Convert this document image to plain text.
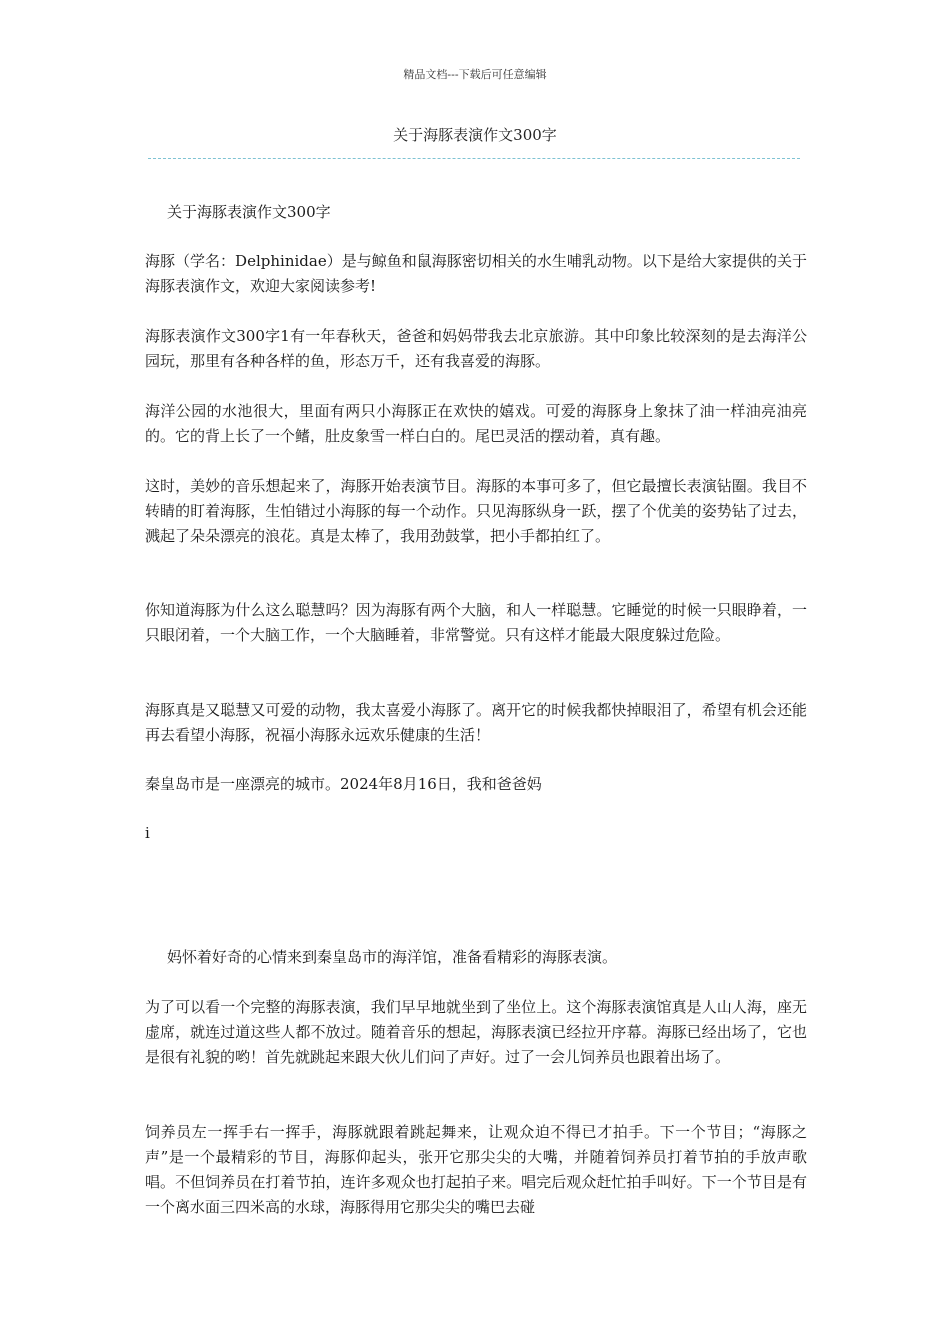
精品文档---下载后可任意编辑
关于海豚表演作文300字

关于海豚表演作文300字

海豚（学名：Delphinidae）是与鲸鱼和鼠海豚密切相关的水生哺乳动物。以下是给大家提供的关于海豚表演作文，欢迎大家阅读参考!

海豚表演作文300字1有一年春秋天，爸爸和妈妈带我去北京旅游。其中印象比较深刻的是去海洋公园玩，那里有各种各样的鱼，形态万千，还有我喜爱的海豚。

海洋公园的水池很大，里面有两只小海豚正在欢快的嬉戏。可爱的海豚身上象抹了油一样油亮油亮的。它的背上长了一个鳍，肚皮象雪一样白白的。尾巴灵活的摆动着，真有趣。

这时，美妙的音乐想起来了，海豚开始表演节目。海豚的本事可多了，但它最擅长表演钻圈。我目不转睛的盯着海豚，生怕错过小海豚的每一个动作。只见海豚纵身一跃，摆了个优美的姿势钻了过去，溅起了朵朵漂亮的浪花。真是太棒了，我用劲鼓掌，把小手都拍红了。

你知道海豚为什么这么聪慧吗？因为海豚有两个大脑，和人一样聪慧。它睡觉的时候一只眼睁着，一只眼闭着，一个大脑工作，一个大脑睡着，非常警觉。只有这样才能最大限度躲过危险。

海豚真是又聪慧又可爱的动物，我太喜爱小海豚了。离开它的时候我都快掉眼泪了，希望有机会还能再去看望小海豚，祝福小海豚永远欢乐健康的生活！

秦皇岛市是一座漂亮的城市。2024年8月16日，我和爸爸妈

i

妈怀着好奇的心情来到秦皇岛市的海洋馆，准备看精彩的海豚表演。

为了可以看一个完整的海豚表演，我们早早地就坐到了坐位上。这个海豚表演馆真是人山人海，座无虚席，就连过道这些人都不放过。随着音乐的想起，海豚表演已经拉开序幕。海豚已经出场了，它也是很有礼貌的哟！首先就跳起来跟大伙儿们问了声好。过了一会儿饲养员也跟着出场了。

饲养员左一挥手右一挥手，海豚就跟着跳起舞来，让观众迫不得已才拍手。下一个节目；“海豚之声”是一个最精彩的节目，海豚仰起头，张开它那尖尖的大嘴，并随着饲养员打着节拍的手放声歌唱。不但饲养员在打着节拍，连许多观众也打起拍子来。唱完后观众赶忙拍手叫好。下一个节目是有一个离水面三四米高的水球，海豚得用它那尖尖的嘴巴去碰
